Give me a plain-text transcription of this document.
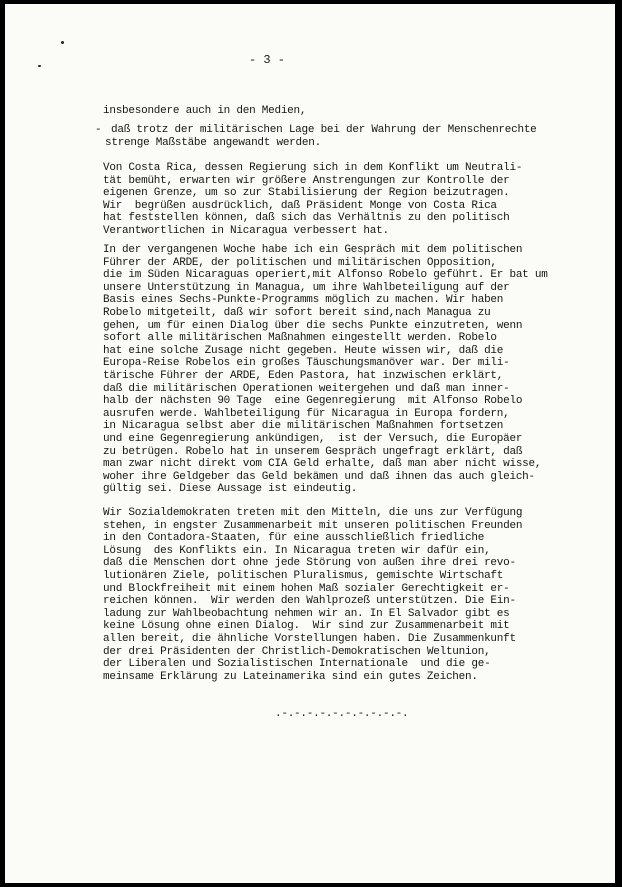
- 3 -

insbesondere auch in den Medien,

- daß trotz der militärischen Lage bei der Wahrung der Menschenrechte
strenge Maßstäbe angewandt werden.
Von Costa Rica, dessen Regierung sich in dem Konflikt um Neutrali-
tät bemüht, erwarten wir größere Anstrengungen zur Kontrolle der
eigenen Grenze, um so zur Stabilisierung der Region beizutragen.
Wir  begrüßen ausdrücklich, daß Präsident Monge von Costa Rica
hat feststellen können, daß sich das Verhältnis zu den politisch
Verantwortlichen in Nicaragua verbessert hat.
In der vergangenen Woche habe ich ein Gespräch mit dem politischen
Führer der ARDE, der politischen und militärischen Opposition,
die im Süden Nicaraguas operiert,mit Alfonso Robelo geführt. Er bat um
unsere Unterstützung in Managua, um ihre Wahlbeteiligung auf der
Basis eines Sechs-Punkte-Programms möglich zu machen. Wir haben
Robelo mitgeteilt, daß wir sofort bereit sind,nach Managua zu
gehen, um für einen Dialog über die sechs Punkte einzutreten, wenn
sofort alle militärischen Maßnahmen eingestellt werden. Robelo
hat eine solche Zusage nicht gegeben. Heute wissen wir, daß die
Europa-Reise Robelos ein großes Täuschungsmanöver war. Der mili-
tärische Führer der ARDE, Eden Pastora, hat inzwischen erklärt,
daß die militärischen Operationen weitergehen und daß man inner-
halb der nächsten 90 Tage  eine Gegenregierung  mit Alfonso Robelo
ausrufen werde. Wahlbeteiligung für Nicaragua in Europa fordern,
in Nicaragua selbst aber die militärischen Maßnahmen fortsetzen
und eine Gegenregierung ankündigen,  ist der Versuch, die Europäer
zu betrügen. Robelo hat in unserem Gespräch ungefragt erklärt, daß
man zwar nicht direkt vom CIA Geld erhalte, daß man aber nicht wisse,
woher ihre Geldgeber das Geld bekämen und daß ihnen das auch gleich-
gültig sei. Diese Aussage ist eindeutig.
Wir Sozialdemokraten treten mit den Mitteln, die uns zur Verfügung
stehen, in engster Zusammenarbeit mit unseren politischen Freunden
in den Contadora-Staaten, für eine ausschließlich friedliche
Lösung  des Konflikts ein. In Nicaragua treten wir dafür ein,
daß die Menschen dort ohne jede Störung von außen ihre drei revo-
lutionären Ziele, politischen Pluralismus, gemischte Wirtschaft
und Blockfreiheit mit einem hohen Maß sozialer Gerechtigkeit er-
reichen können.  Wir werden den Wahlprozeß unterstützen. Die Ein-
ladung zur Wahlbeobachtung nehmen wir an. In El Salvador gibt es
keine Lösung ohne einen Dialog.  Wir sind zur Zusammenarbeit mit
allen bereit, die ähnliche Vorstellungen haben. Die Zusammenkunft
der drei Präsidenten der Christlich-Demokratischen Weltunion,
der Liberalen und Sozialistischen Internationale  und die ge-
meinsame Erklärung zu Lateinamerika sind ein gutes Zeichen.
.-.-.-.-.-.-.-.-.-.-.
